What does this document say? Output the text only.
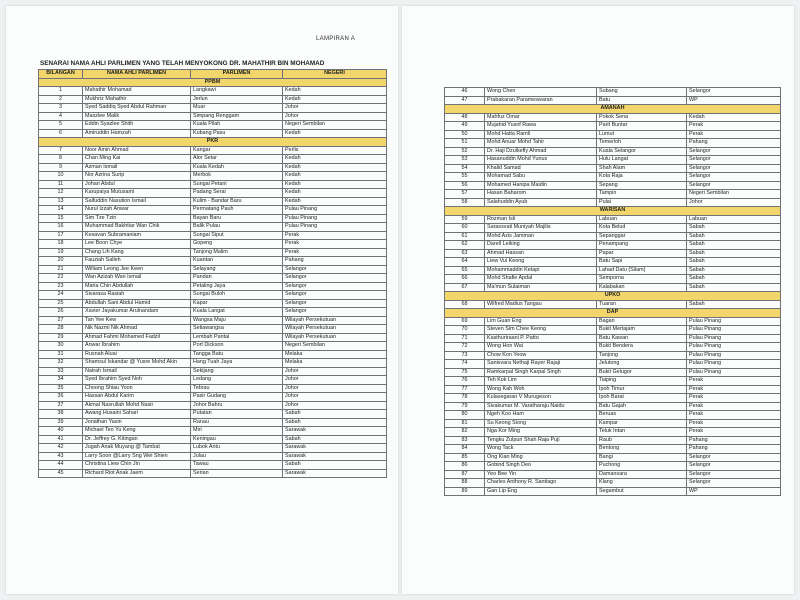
LAMPIRAN A
SENARAI NAMA AHLI PARLIMEN YANG TELAH MENYOKONG DR. MAHATHIR BIN MOHAMAD
BILANGAN	NAMA AHLI PARLIMEN	PARLIMEN	NEGERI
PPBM			
1	Mahathir Mohamad	Langkawi	Kedah
2	Mukhriz Mahathir	Jerlun	Kedah
3	Syed Saddiq Syed Abdul Rahman	Muar	Johor
4	Maszlee Malik	Simpang Renggam	Johor
5	Eddin Syazlee Shith	Kuala Pilah	Negeri Sembilan
6	Amiruddin Hamzah	Kubang Pasu	Kedah
PKR			
7	Noor Amin Ahmad	Kangar	Perlis
8	Chan Ming Kai	Alor Setar	Kedah
9	Azman Ismail	Kuala Kedah	Kedah
10	Nor Azrina Surip	Merbok	Kedah
11	Johari Abdul	Sungai Petani	Kedah
12	Karupaiya Mutusami	Padang Serai	Kedah
13	Saifuddin Nasution Ismail	Kulim - Bandar Baru	Kedah
14	Nurul Izzah Anwar	Permatang Pauh	Pulau Pinang
15	Sim Tze Tzin	Bayan Baru	Pulau Pinang
16	Muhammad Bakhtiar Wan Chik	Balik Pulau	Pulau Pinang
17	Kesavan Subramaniam	Sungai Siput	Perak
18	Lee Boon Chye	Gopeng	Perak
19	Chang Lih Kang	Tanjong Malim	Perak
20	Fauziah Salleh	Kuantan	Pahang
21	William Leong Jee Keen	Selayang	Selangor
22	Wan Azizah Wan Ismail	Pandan	Selangor
23	Maria Chin Abdullah	Petaling Jaya	Selangor
24	Sivarasa Rasiah	Sungai Buloh	Selangor
25	Abdullah Sani Abdul Hamid	Kapar	Selangor
26	Xavier Jayakumar Arulnandam	Kuala Langat	Selangor
27	Tan Yee Kew	Wangsa Maju	Wilayah Persekutuan
28	Nik Nazmi Nik Ahmad	Setiawangsa	Wilayah Persekutuan
29	Ahmad Fahmi Mohamed Fadzil	Lembah Pantai	Wilayah Persekutuan
30	Anwar Ibrahim	Port Dickson	Negeri Sembilan
31	Rusnah Aluai	Tangga Batu	Melaka
32	Shamsul Iskandar @ Yusre Mohd Akin	Hang Tuah Jaya	Melaka
33	Natrah Ismail	Sekijang	Johor
34	Syed Ibrahim Syed Noh	Ledang	Johor
35	Choong Shiau Yoon	Tebrau	Johor
36	Hassan Abdul Karim	Pasir Gudang	Johor
37	Akmal Nasrullah Mohd Nasir	Johor Bahru	Johor
38	Awang Husaini Sahari	Putatan	Sabah
39	Jonathan Yasin	Ranau	Sabah
40	Michael Teo Yu Keng	Miri	Sarawak
41	Dr. Jeffrey G. Kitingan	Keningau	Sabah
42	Jugah Anak Muyang @ Tambat	Lubok Antu	Sarawak
43	Larry Soon @Larry Sng Wei Shien	Julau	Sarawak
44	Christina Liew Chin Jin	Tawau	Sabah
45	Richard Riot Anak Jaem	Serian	Sarawak
46	Wong Chen	Subang	Selangor
47	Prabakaran Parameswaran	Batu	WP
AMANAH			
48	Mahfuz Omar	Pokok Sena	Kedah
49	Mujahid Yusof Rawa	Parit Buntar	Perak
50	Mohd Hatta Ramli	Lumut	Perak
51	Mohd Anuar Mohd Tahir	Temerloh	Pahang
52	Dr. Haji Dzulkefly Ahmad	Kuala Selangor	Selangor
53	Hasanuddin Mohd Yunus	Hulu Langat	Selangor
54	Khalid Samad	Shah Alam	Selangor
55	Mohamad Sabu	Kota Raja	Selangor
56	Mohamed Hanipa Maidin	Sepang	Selangor
57	Hasan Baharom	Tampin	Negeri Sembilan
58	Salahuddin Ayub	Pulai	Johor
WARISAN			
59	Rozman Isli	Labuan	Labuan
60	Sarassvati Muniyah Majilis	Kota Belud	Sabah
61	Mohd Azis Jamman	Sepanggar	Sabah
62	Darell Leiking	Penampang	Sabah
63	Ahmad Hassan	Papar	Sabah
64	Liew Vui Keong	Batu Sapi	Sabah
65	Mohammaddin Ketapi	Lahad Datu (Silam)	Sabah
66	Mohd Shafie Apdal	Semporna	Sabah
67	Ma'mun Sulaiman	Kalabakan	Sabah
UPKO			
68	Wilfred Madius Tangau	Tuaran	Sabah
DAP			
69	Lim Guan Eng	Bagan	Pulau Pinang
70	Steven Sim Chee Keong	Bukit Mertajam	Pulau Pinang
71	Kasthuriraani P. Patto	Batu Kawan	Pulau Pinang
72	Wong Hon Wai	Bukit Bendera	Pulau Pinang
73	Chow Kon Yeow	Tanjong	Pulau Pinang
74	Sanisvara Nethaji Rayer Rajaji	Jelutong	Pulau Pinang
75	Ramkarpal Singh Karpal Singh	Bukit Gelugor	Pulau Pinang
76	Teh Kok Lim	Taiping	Perak
77	Wong Kah Woh	Ipoh Timur	Perak
78	Kulasegaran V Murugeson	Ipoh Barat	Perak
79	Sivakumar M. Varatharaju Naidu	Batu Gajah	Perak
80	Ngeh Koo Ham	Beruas	Perak
81	Su Keong Siong	Kampar	Perak
82	Nga Kor Ming	Teluk Intan	Perak
83	Tengku Zulpuri Shah Raja Puji	Raub	Pahang
84	Wong Tack	Bentong	Pahang
85	Ong Kian Ming	Bangi	Selangor
86	Gobind Singh Deo	Puchong	Selangor
87	Yeo Bee Yin	Damansara	Selangor
88	Charles Anthony R. Santiago	Klang	Selangor
89	Gan Lip Eng	Segambut	WP
